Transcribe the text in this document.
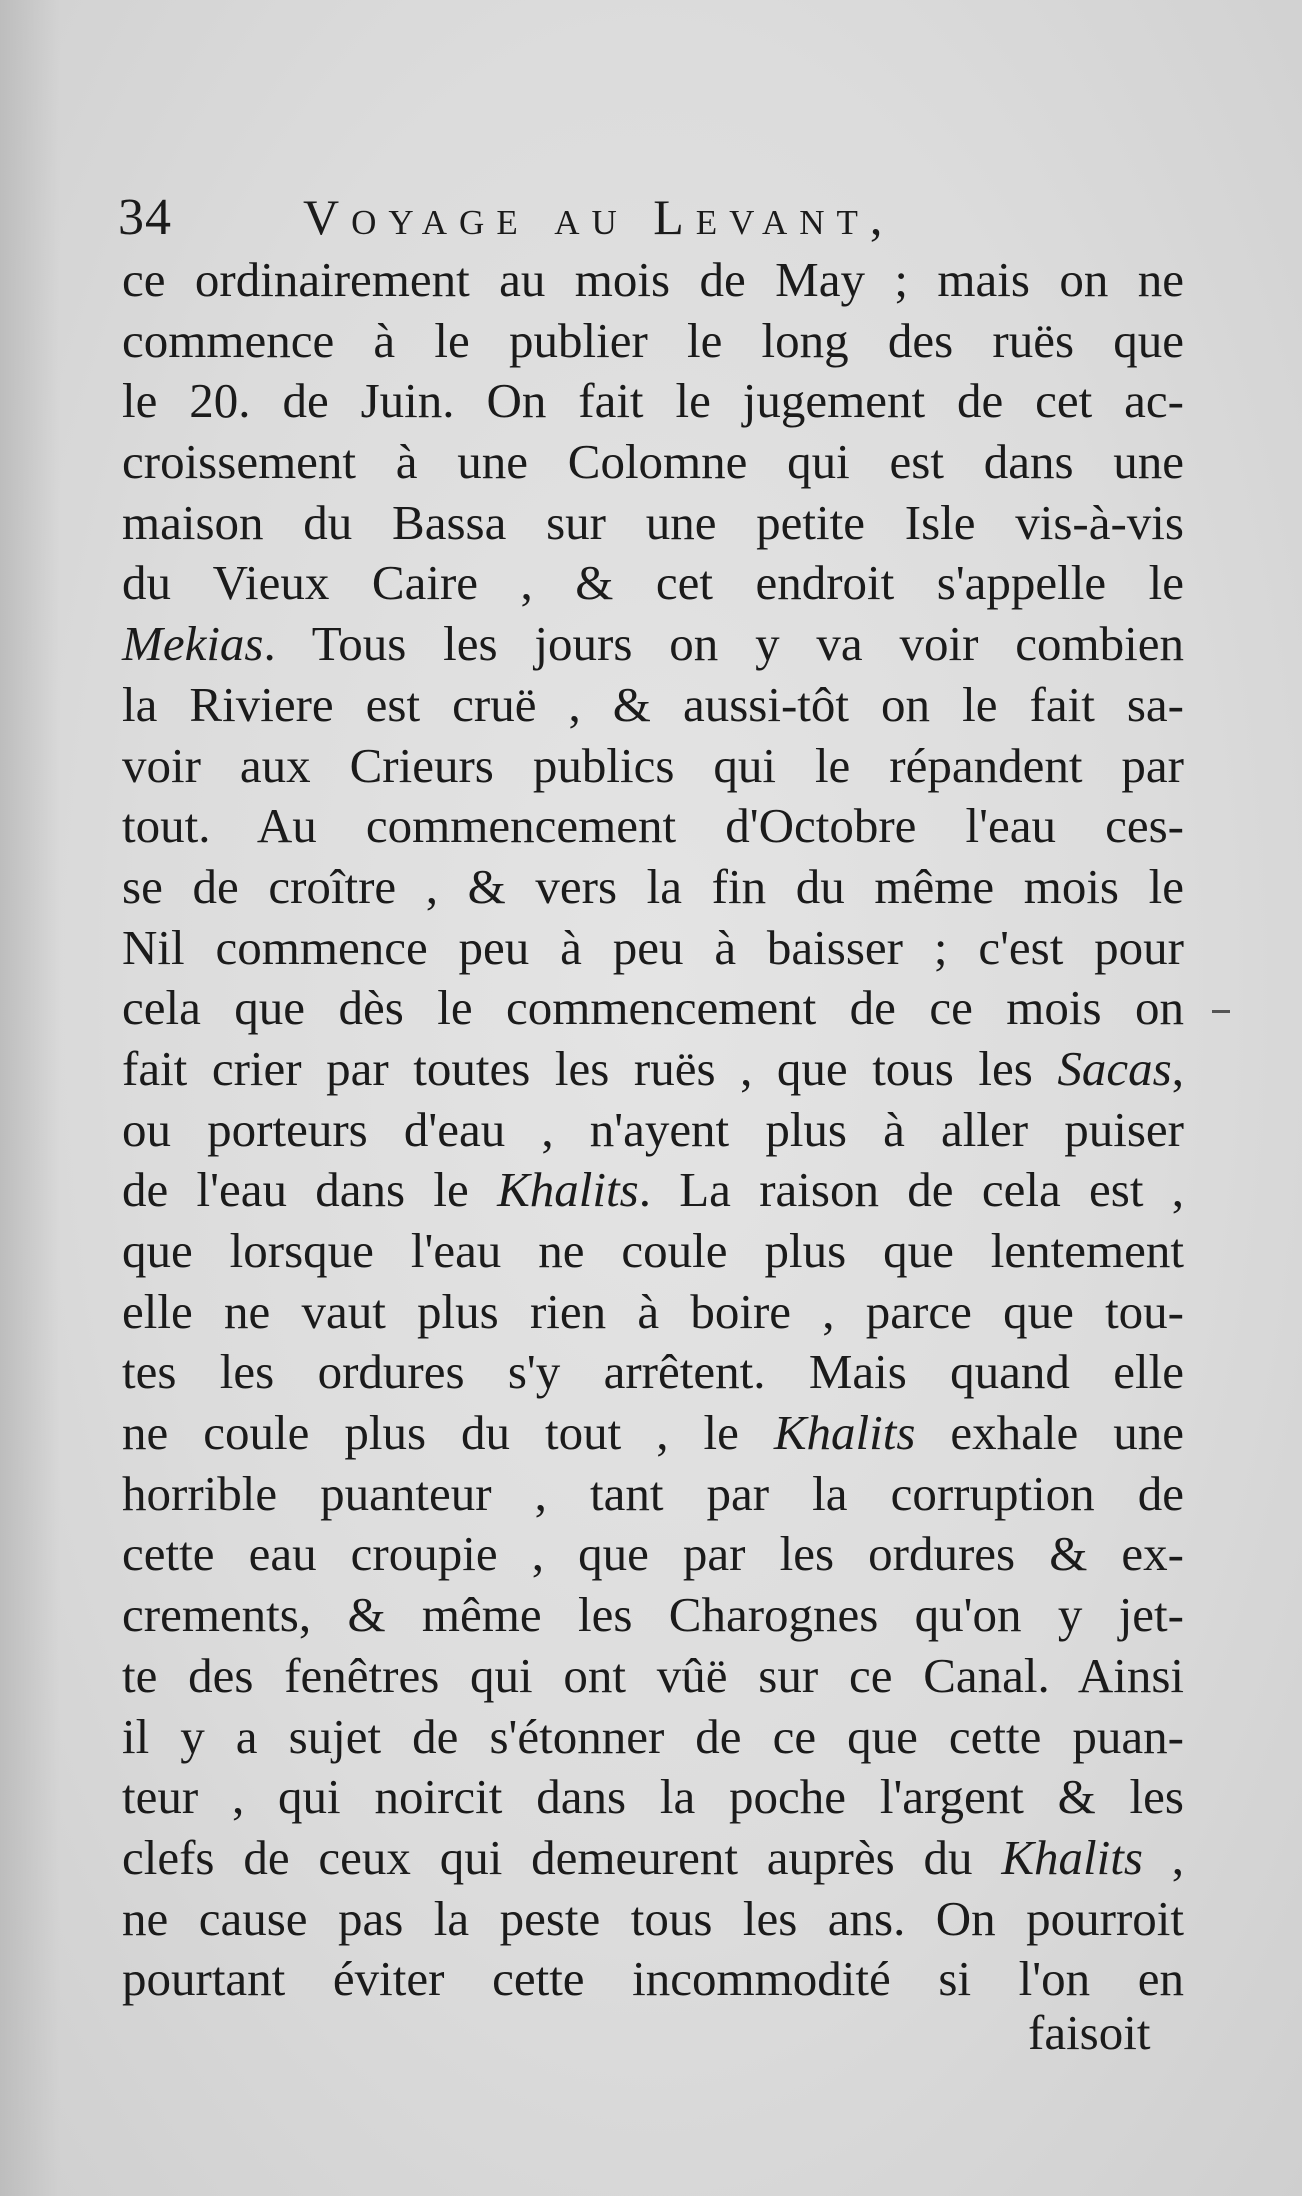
34	Voyage au Levant,
ce ordinairement au mois de May ; mais on ne
commence à le publier le long des ruës que
le 20. de Juin. On fait le jugement de cet ac-
croissement à une Colomne qui est dans une
maison du Bassa sur une petite Isle vis-à-vis
du Vieux Caire , & cet endroit s'appelle le
Mekias. Tous les jours on y va voir combien
la Riviere est cruë , & aussi-tôt on le fait sa-
voir aux Crieurs publics qui le répandent par
tout. Au commencement d'Octobre l'eau ces-
se de croître , & vers la fin du même mois le
Nil commence peu à peu à baisser ; c'est pour
cela que dès le commencement de ce mois on
fait crier par toutes les ruës , que tous les Sacas,
ou porteurs d'eau , n'ayent plus à aller puiser
de l'eau dans le Khalits. La raison de cela est ,
que lorsque l'eau ne coule plus que lentement
elle ne vaut plus rien à boire , parce que tou-
tes les ordures s'y arrêtent. Mais quand elle
ne coule plus du tout , le Khalits exhale une
horrible puanteur , tant par la corruption de
cette eau croupie , que par les ordures & ex-
crements, & même les Charognes qu'on y jet-
te des fenêtres qui ont vûë sur ce Canal. Ainsi
il y a sujet de s'étonner de ce que cette puan-
teur , qui noircit dans la poche l'argent & les
clefs de ceux qui demeurent auprès du Khalits ,
ne cause pas la peste tous les ans. On pourroit
pourtant éviter cette incommodité si l'on en
faisoit
